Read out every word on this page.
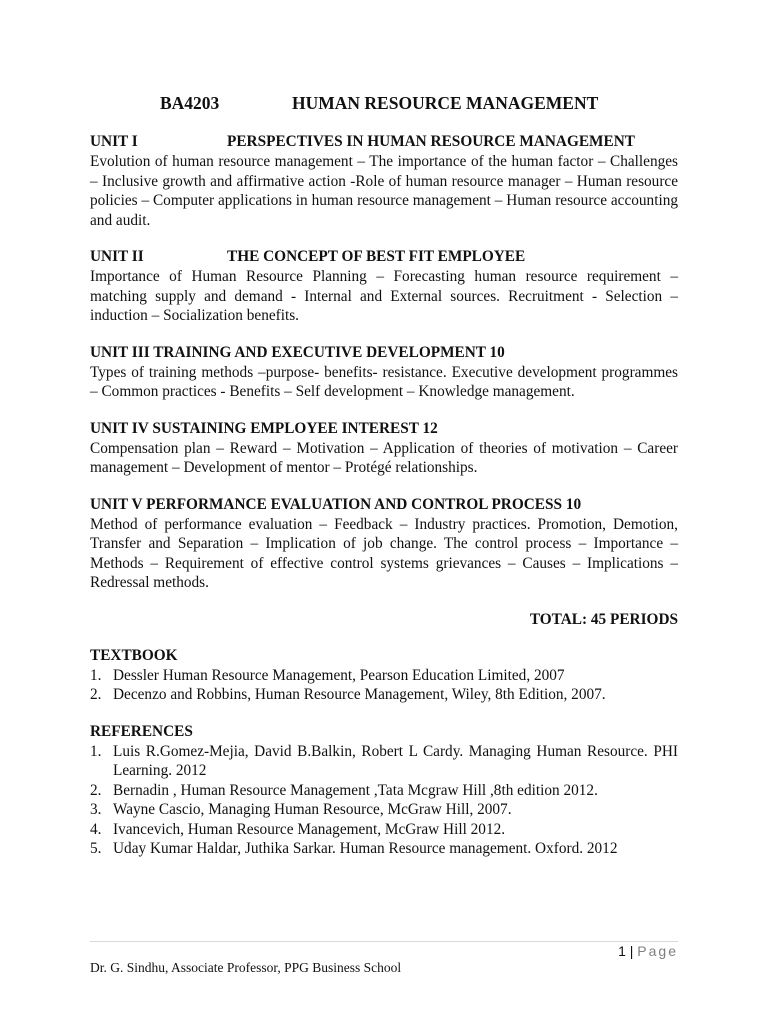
BA4203	HUMAN RESOURCE MANAGEMENT
UNIT I	PERSPECTIVES IN HUMAN RESOURCE MANAGEMENT
Evolution of human resource management – The importance of the human factor – Challenges – Inclusive growth and affirmative action -Role of human resource manager – Human resource policies – Computer applications in human resource management – Human resource accounting and audit.
UNIT II	THE CONCEPT OF BEST FIT EMPLOYEE
Importance of Human Resource Planning – Forecasting human resource requirement – matching supply and demand - Internal and External sources. Recruitment - Selection – induction – Socialization benefits.
UNIT III TRAINING AND EXECUTIVE DEVELOPMENT 10
Types of training methods –purpose- benefits- resistance. Executive development programmes – Common practices - Benefits – Self development – Knowledge management.
UNIT IV SUSTAINING EMPLOYEE INTEREST 12
Compensation plan – Reward – Motivation – Application of theories of motivation – Career management – Development of mentor – Protégé relationships.
UNIT V PERFORMANCE EVALUATION AND CONTROL PROCESS 10
Method of performance evaluation – Feedback – Industry practices. Promotion, Demotion, Transfer and Separation – Implication of job change. The control process – Importance – Methods – Requirement of effective control systems grievances – Causes – Implications – Redressal methods.
TOTAL: 45 PERIODS
TEXTBOOK
1. Dessler Human Resource Management, Pearson Education Limited, 2007
2. Decenzo and Robbins, Human Resource Management, Wiley, 8th Edition, 2007.
REFERENCES
1. Luis R.Gomez-Mejia, David B.Balkin, Robert L Cardy. Managing Human Resource. PHI Learning. 2012
2. Bernadin , Human Resource Management ,Tata Mcgraw Hill ,8th edition 2012.
3. Wayne Cascio, Managing Human Resource, McGraw Hill, 2007.
4. Ivancevich, Human Resource Management, McGraw Hill 2012.
5. Uday Kumar Haldar, Juthika Sarkar. Human Resource management. Oxford. 2012
1 | Page
Dr. G. Sindhu, Associate Professor, PPG Business School
